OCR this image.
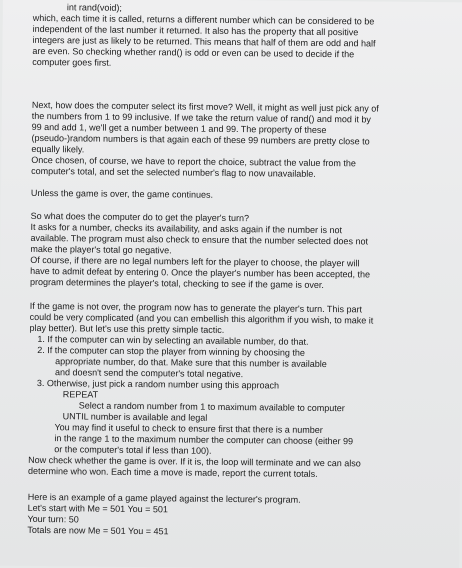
int rand(void);
which, each time it is called, returns a different number which can be considered to be
independent of the last number it returned. It also has the property that all positive
integers are just as likely to be returned. This means that half of them are odd and half
are even. So checking whether rand() is odd or even can be used to decide if the
computer goes first.
Next, how does the computer select its first move? Well, it might as well just pick any of
the numbers from 1 to 99 inclusive. If we take the return value of rand() and mod it by
99 and add 1, we'll get a number between 1 and 99. The property of these
(pseudo-)random numbers is that again each of these 99 numbers are pretty close to
equally likely.
Once chosen, of course, we have to report the choice, subtract the value from the
computer's total, and set the selected number's flag to now unavailable.
Unless the game is over, the game continues.
So what does the computer do to get the player's turn?
It asks for a number, checks its availability, and asks again if the number is not
available. The program must also check to ensure that the number selected does not
make the player's total go negative.
Of course, if there are no legal numbers left for the player to choose, the player will
have to admit defeat by entering 0. Once the player's number has been accepted, the
program determines the player's total, checking to see if the game is over.
If the game is not over, the program now has to generate the player's turn. This part
could be very complicated (and you can embellish this algorithm if you wish, to make it
play better). But let's use this pretty simple tactic.
1. If the computer can win by selecting an available number, do that.
2. If the computer can stop the player from winning by choosing the
appropriate number, do that. Make sure that this number is available
and doesn't send the computer's total negative.
3. Otherwise, just pick a random number using this approach
REPEAT
Select a random number from 1 to maximum available to computer
UNTIL number is available and legal
You may find it useful to check to ensure first that there is a number
in the range 1 to the maximum number the computer can choose (either 99
or the computer's total if less than 100).
Now check whether the game is over. If it is, the loop will terminate and we can also
determine who won. Each time a move is made, report the current totals.
Here is an example of a game played against the lecturer's program.
Let's start with Me = 501 You = 501
Your turn: 50
Totals are now Me = 501 You = 451
